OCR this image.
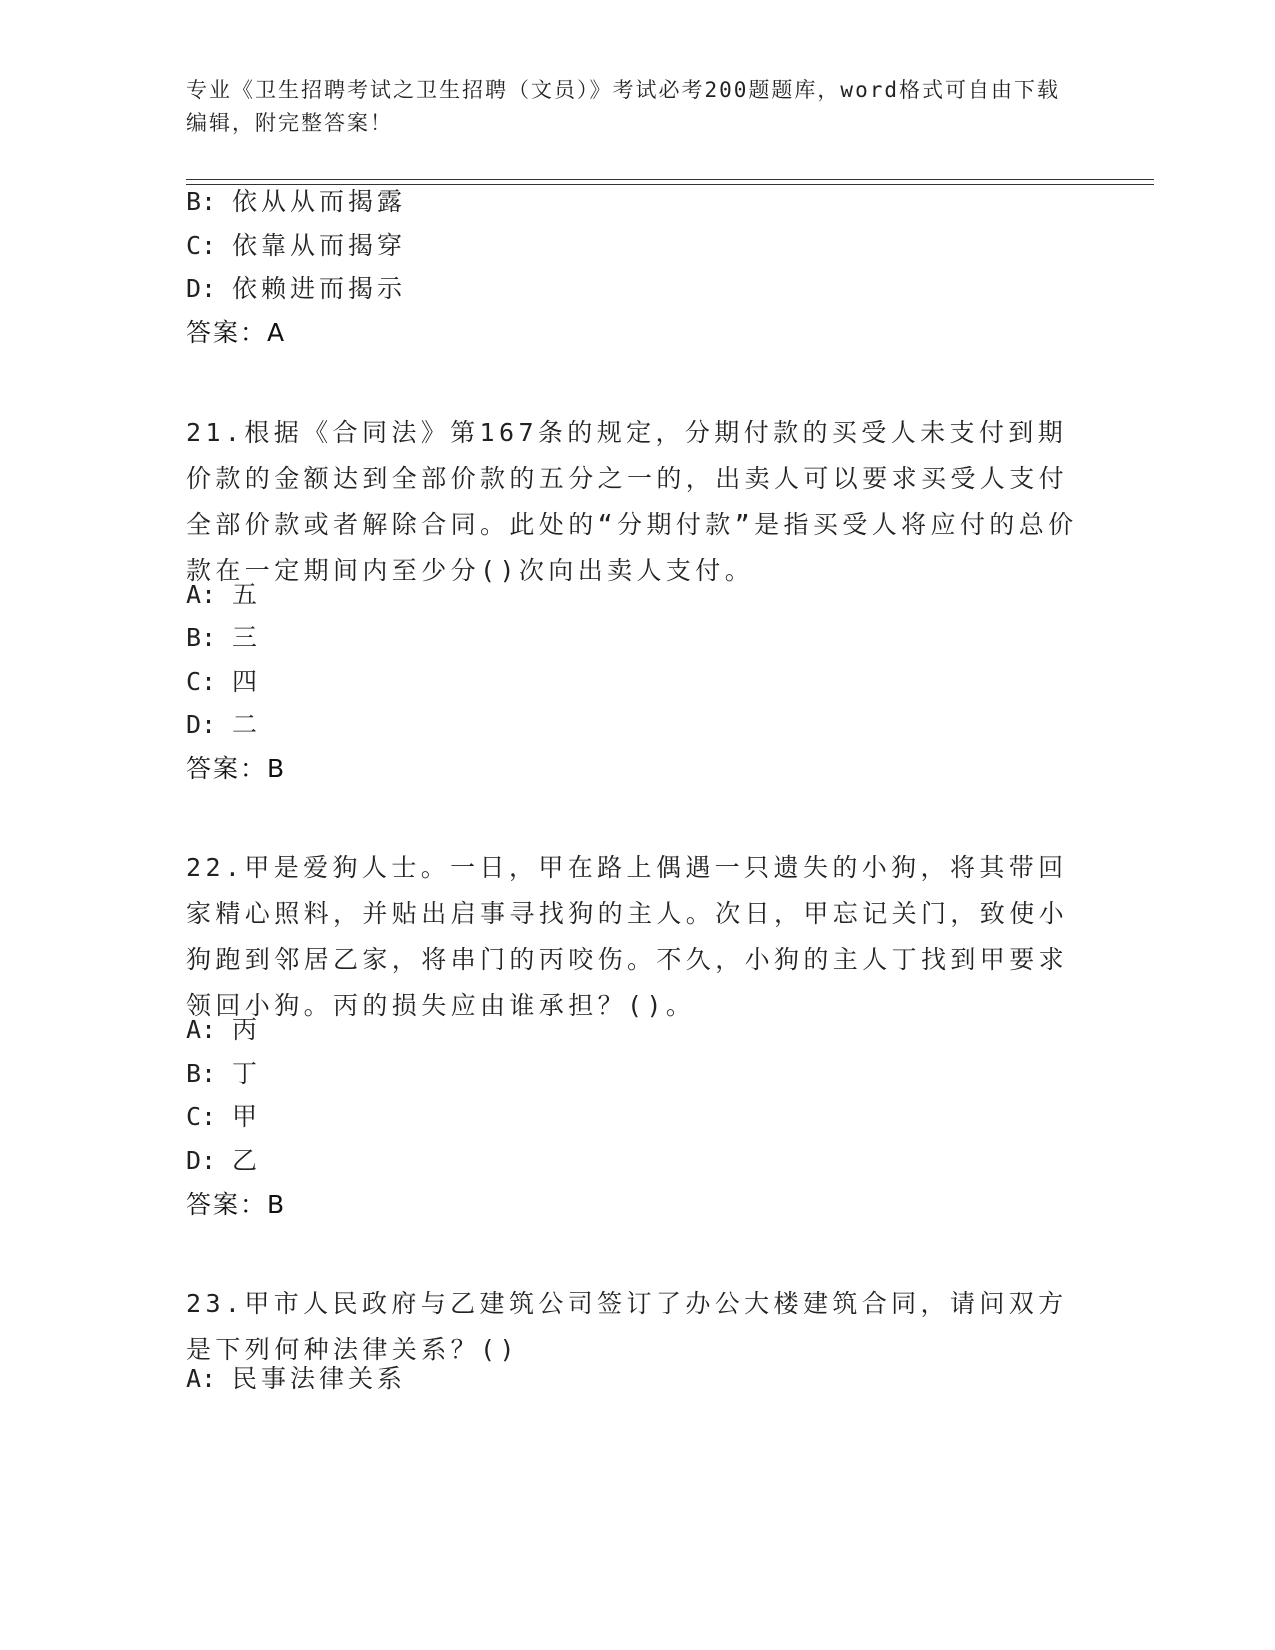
专业《卫生招聘考试之卫生招聘（文员）》考试必考200题题库，word格式可自由下载编辑，附完整答案！
B: 依从从而揭露
C: 依靠从而揭穿
D: 依赖进而揭示
答案：A
21.根据《合同法》第167条的规定，分期付款的买受人未支付到期价款的金额达到全部价款的五分之一的，出卖人可以要求买受人支付全部价款或者解除合同。此处的“分期付款”是指买受人将应付的总价款在一定期间内至少分()次向出卖人支付。
A: 五
B: 三
C: 四
D: 二
答案：B
22.甲是爱狗人士。一日，甲在路上偶遇一只遗失的小狗，将其带回家精心照料，并贴出启事寻找狗的主人。次日，甲忘记关门，致使小狗跑到邻居乙家，将串门的丙咬伤。不久，小狗的主人丁找到甲要求领回小狗。丙的损失应由谁承担？()。
A: 丙
B: 丁
C: 甲
D: 乙
答案：B
23.甲市人民政府与乙建筑公司签订了办公大楼建筑合同，请问双方是下列何种法律关系？()
A: 民事法律关系
